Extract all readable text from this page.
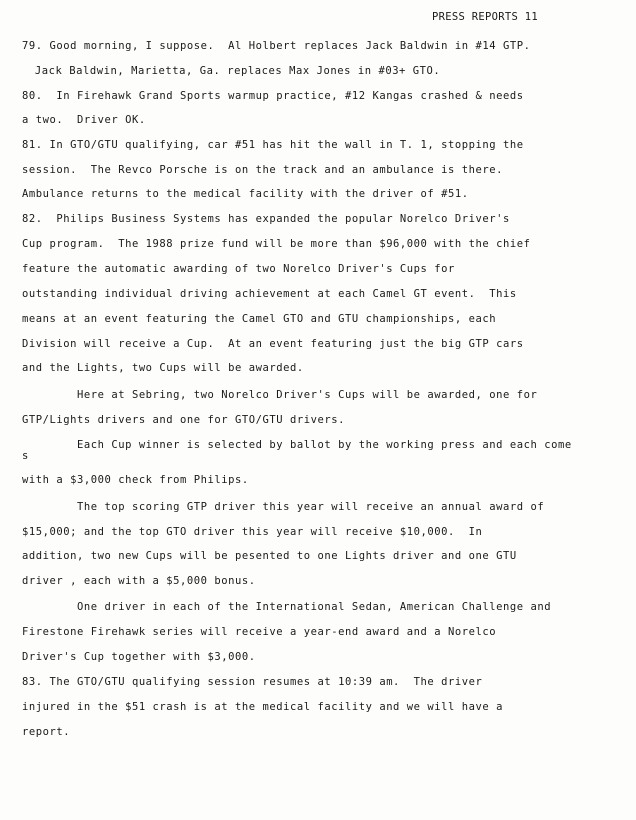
PRESS REPORTS 11
79. Good morning, I suppose.  Al Holbert replaces Jack Baldwin in #14 GTP.
Jack Baldwin, Marietta, Ga. replaces Max Jones in #03+ GTO.
80.  In Firehawk Grand Sports warmup practice, #12 Kangas crashed & needs
a two.  Driver OK.
81. In GTO/GTU qualifying, car #51 has hit the wall in T. 1, stopping the
session.  The Revco Porsche is on the track and an ambulance is there.
Ambulance returns to the medical facility with the driver of #51.
82.  Philips Business Systems has expanded the popular Norelco Driver's
Cup program.  The 1988 prize fund will be more than $96,000 with the chief
feature the automatic awarding of two Norelco Driver's Cups for
outstanding individual driving achievement at each Camel GT event.  This
means at an event featuring the Camel GTO and GTU championships, each
Division will receive a Cup.  At an event featuring just the big GTP cars
and the Lights, two Cups will be awarded.
Here at Sebring, two Norelco Driver's Cups will be awarded, one for
GTP/Lights drivers and one for GTO/GTU drivers.
Each Cup winner is selected by ballot by the working press and each come
s
with a $3,000 check from Philips.
The top scoring GTP driver this year will receive an annual award of
$15,000; and the top GTO driver this year will receive $10,000.  In
addition, two new Cups will be pesented to one Lights driver and one GTU
driver , each with a $5,000 bonus.
One driver in each of the International Sedan, American Challenge and
Firestone Firehawk series will receive a year-end award and a Norelco
Driver's Cup together with $3,000.
83. The GTO/GTU qualifying session resumes at 10:39 am.  The driver
injured in the $51 crash is at the medical facility and we will have a
report.
